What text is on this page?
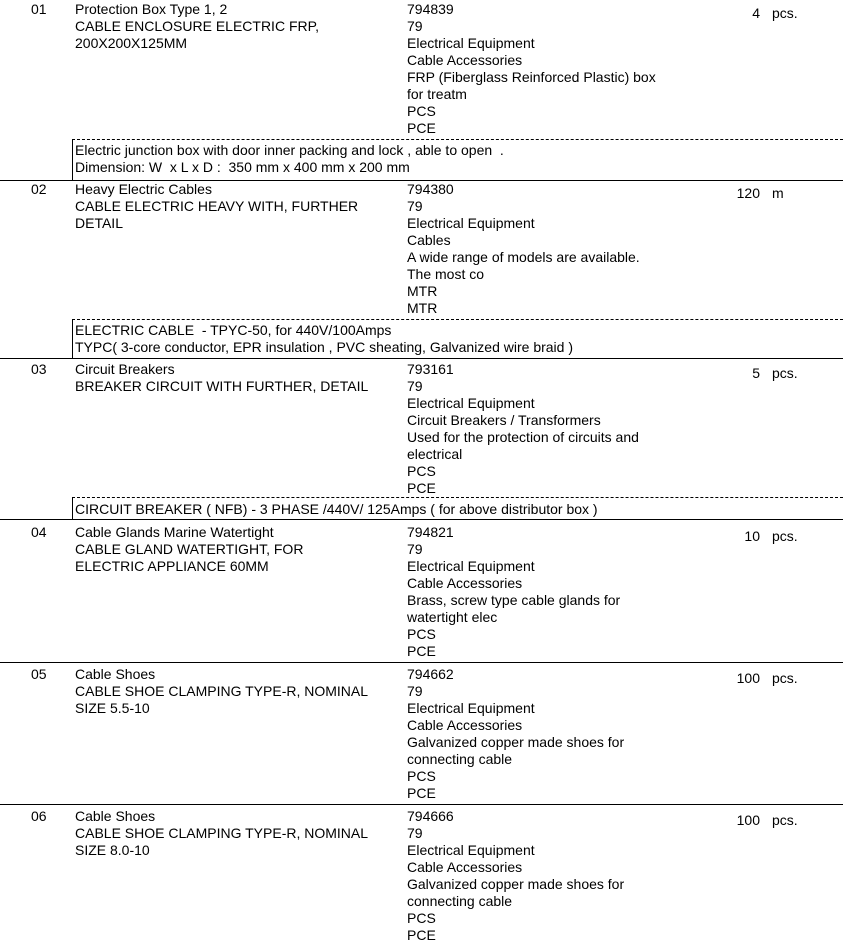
01 Protection Box Type 1, 2
CABLE ENCLOSURE ELECTRIC FRP,
200X200X125MM
794839
79
Electrical Equipment
Cable Accessories
FRP (Fiberglass Reinforced Plastic) box
for treatm
PCS
PCE
4 pcs.
Electric junction box with door inner packing and lock , able to open  .
Dimension: W  x L x D :  350 mm x 400 mm x 200 mm
02 Heavy Electric Cables
CABLE ELECTRIC HEAVY WITH, FURTHER
DETAIL
794380
79
Electrical Equipment
Cables
A wide range of models are available.
The most co
MTR
MTR
120 m
ELECTRIC CABLE  - TPYC-50, for 440V/100Amps
TYPC( 3-core conductor, EPR insulation , PVC sheating, Galvanized wire braid )
03 Circuit Breakers
BREAKER CIRCUIT WITH FURTHER, DETAIL
793161
79
Electrical Equipment
Circuit Breakers / Transformers
Used for the protection of circuits and
electrical
PCS
PCE
5 pcs.
CIRCUIT BREAKER ( NFB) - 3 PHASE /440V/ 125Amps ( for above distributor box )
04 Cable Glands Marine Watertight
CABLE GLAND WATERTIGHT, FOR
ELECTRIC APPLIANCE 60MM
794821
79
Electrical Equipment
Cable Accessories
Brass, screw type cable glands for
watertight elec
PCS
PCE
10 pcs.
05 Cable Shoes
CABLE SHOE CLAMPING TYPE-R, NOMINAL
SIZE 5.5-10
794662
79
Electrical Equipment
Cable Accessories
Galvanized copper made shoes for
connecting cable
PCS
PCE
100 pcs.
06 Cable Shoes
CABLE SHOE CLAMPING TYPE-R, NOMINAL
SIZE 8.0-10
794666
79
Electrical Equipment
Cable Accessories
Galvanized copper made shoes for
connecting cable
PCS
PCE
100 pcs.
